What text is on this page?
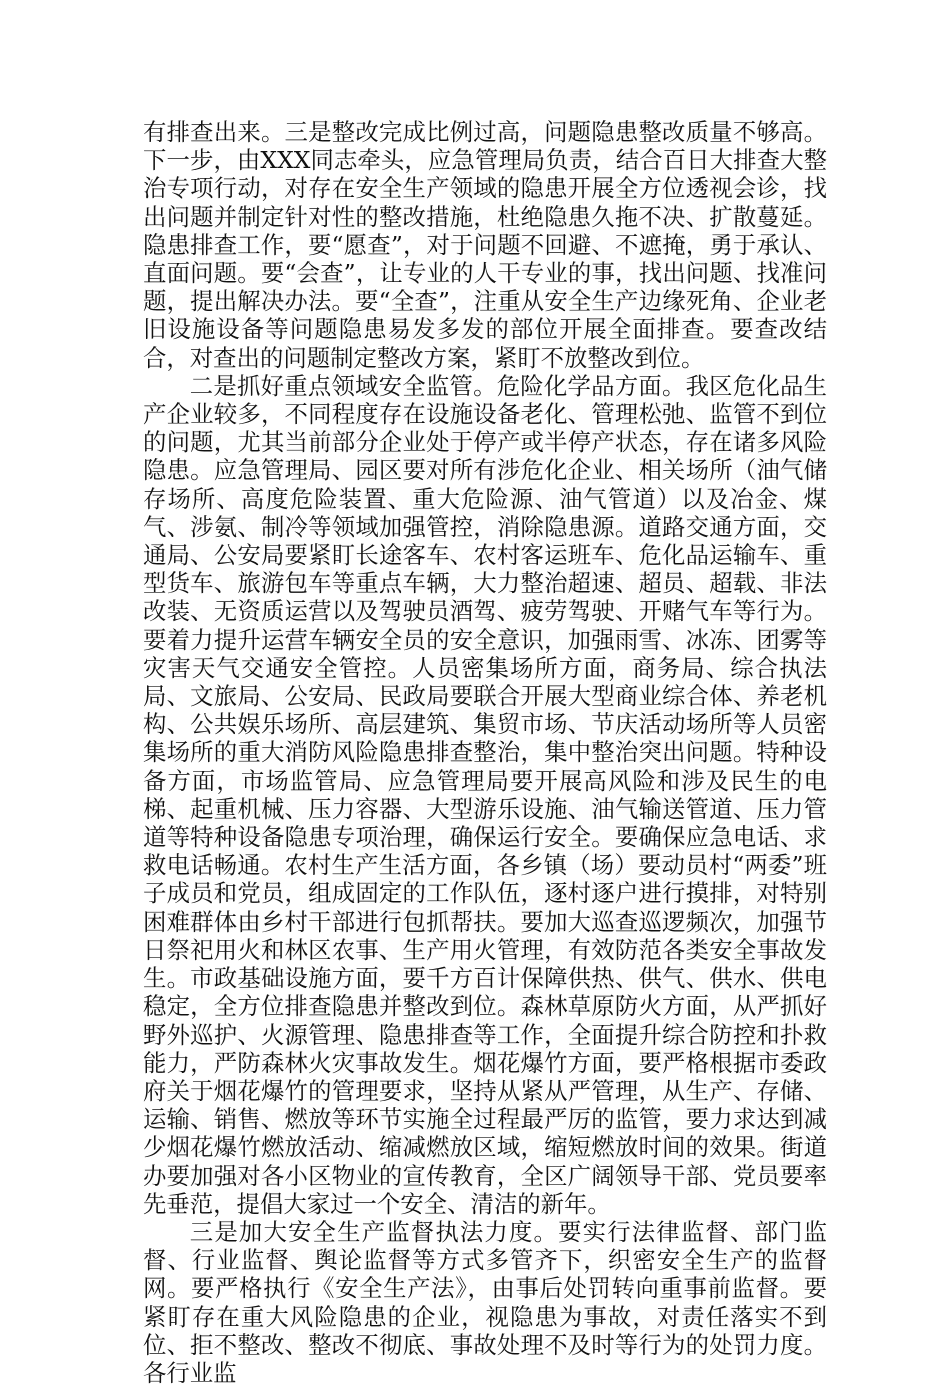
有排查出来。三是整改完成比例过高，问题隐患整改质量不够高。下一步，由XXX同志牵头，应急管理局负责，结合百日大排查大整治专项行动，对存在安全生产领域的隐患开展全方位透视会诊，找出问题并制定针对性的整改措施，杜绝隐患久拖不决、扩散蔓延。隐患排查工作，要“愿查”，对于问题不回避、不遮掩，勇于承认、直面问题。要“会查”，让专业的人干专业的事，找出问题、找准问题，提出解决办法。要“全查”，注重从安全生产边缘死角、企业老旧设施设备等问题隐患易发多发的部位开展全面排查。要查改结合，对查出的问题制定整改方案，紧盯不放整改到位。

二是抓好重点领域安全监管。危险化学品方面。我区危化品生产企业较多，不同程度存在设施设备老化、管理松弛、监管不到位的问题，尤其当前部分企业处于停产或半停产状态，存在诸多风险隐患。应急管理局、园区要对所有涉危化企业、相关场所（油气储存场所、高度危险装置、重大危险源、油气管道）以及冶金、煤气、涉氨、制冷等领域加强管控，消除隐患源。道路交通方面，交通局、公安局要紧盯长途客车、农村客运班车、危化品运输车、重型货车、旅游包车等重点车辆，大力整治超速、超员、超载、非法改装、无资质运营以及驾驶员酒驾、疲劳驾驶、开赌气车等行为。要着力提升运营车辆安全员的安全意识，加强雨雪、冰冻、团雾等灾害天气交通安全管控。人员密集场所方面，商务局、综合执法局、文旅局、公安局、民政局要联合开展大型商业综合体、养老机构、公共娱乐场所、高层建筑、集贸市场、节庆活动场所等人员密集场所的重大消防风险隐患排查整治，集中整治突出问题。特种设备方面，市场监管局、应急管理局要开展高风险和涉及民生的电梯、起重机械、压力容器、大型游乐设施、油气输送管道、压力管道等特种设备隐患专项治理，确保运行安全。要确保应急电话、求救电话畅通。农村生产生活方面，各乡镇（场）要动员村“两委”班子成员和党员，组成固定的工作队伍，逐村逐户进行摸排，对特别困难群体由乡村干部进行包抓帮扶。要加大巡查巡逻频次，加强节日祭祀用火和林区农事、生产用火管理，有效防范各类安全事故发生。市政基础设施方面，要千方百计保障供热、供气、供水、供电稳定，全方位排查隐患并整改到位。森林草原防火方面，从严抓好野外巡护、火源管理、隐患排查等工作，全面提升综合防控和扑救能力，严防森林火灾事故发生。烟花爆竹方面，要严格根据市委政府关于烟花爆竹的管理要求，坚持从紧从严管理，从生产、存储、运输、销售、燃放等环节实施全过程最严厉的监管，要力求达到减少烟花爆竹燃放活动、缩减燃放区域，缩短燃放时间的效果。街道办要加强对各小区物业的宣传教育，全区广阔领导干部、党员要率先垂范，提倡大家过一个安全、清洁的新年。

三是加大安全生产监督执法力度。要实行法律监督、部门监督、行业监督、舆论监督等方式多管齐下，织密安全生产的监督网。要严格执行《安全生产法》，由事后处罚转向重事前监督。要紧盯存在重大风险隐患的企业，视隐患为事故，对责任落实不到位、拒不整改、整改不彻底、事故处理不及时等行为的处罚力度。各行业监
